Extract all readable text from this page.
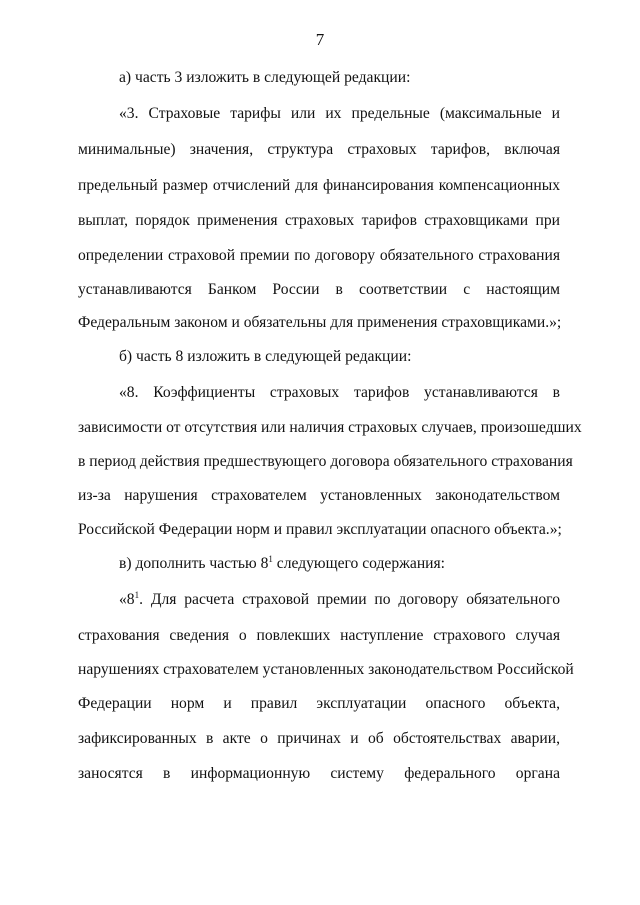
7
а) часть 3 изложить в следующей редакции:
«3. Страховые тарифы или их предельные (максимальные и
минимальные) значения, структура страховых тарифов, включая
предельный размер отчислений для финансирования компенсационных
выплат, порядок применения страховых тарифов страховщиками при
определении страховой премии по договору обязательного страхования
устанавливаются Банком России в соответствии с настоящим
Федеральным законом и обязательны для применения страховщиками.»;
б) часть 8 изложить в следующей редакции:
«8. Коэффициенты страховых тарифов устанавливаются в
зависимости от отсутствия или наличия страховых случаев, произошедших
в период действия предшествующего договора обязательного страхования
из-за нарушения страхователем установленных законодательством
Российской Федерации норм и правил эксплуатации опасного объекта.»;
в) дополнить частью $8^1$ следующего содержания:
«$8^1$. Для расчета страховой премии по договору обязательного
страхования сведения о повлекших наступление страхового случая
нарушениях страхователем установленных законодательством Российской
Федерации норм и правил эксплуатации опасного объекта,
зафиксированных в акте о причинах и об обстоятельствах аварии,
заносятся в информационную систему федерального органа
